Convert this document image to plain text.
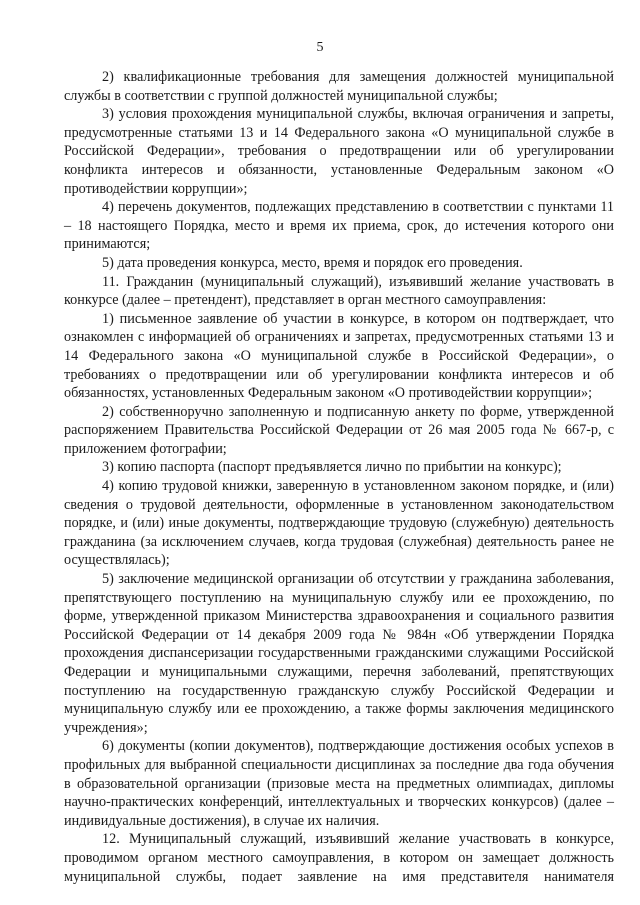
5

2) квалификационные требования для замещения должностей муниципальной службы в соответствии с группой должностей муниципальной службы;

3) условия прохождения муниципальной службы, включая ограничения и запреты, предусмотренные статьями 13 и 14 Федерального закона «О муниципальной службе в Российской Федерации», требования о предотвращении или об урегулировании конфликта интересов и обязанности, установленные Федеральным законом «О противодействии коррупции»;

4) перечень документов, подлежащих представлению в соответствии с пунктами 11 – 18 настоящего Порядка, место и время их приема, срок, до истечения которого они принимаются;

5) дата проведения конкурса, место, время и порядок его проведения.

11. Гражданин (муниципальный служащий), изъявивший желание участвовать в конкурсе (далее – претендент), представляет в орган местного самоуправления:

1) письменное заявление об участии в конкурсе, в котором он подтверждает, что ознакомлен с информацией об ограничениях и запретах, предусмотренных статьями 13 и 14 Федерального закона «О муниципальной службе в Российской Федерации», о требованиях о предотвращении или об урегулировании конфликта интересов и об обязанностях, установленных Федеральным законом «О противодействии коррупции»;

2) собственноручно заполненную и подписанную анкету по форме, утвержденной распоряжением Правительства Российской Федерации от 26 мая 2005 года № 667-р, с приложением фотографии;

3) копию паспорта (паспорт предъявляется лично по прибытии на конкурс);

4) копию трудовой книжки, заверенную в установленном законом порядке, и (или) сведения о трудовой деятельности, оформленные в установленном законодательством порядке, и (или) иные документы, подтверждающие трудовую (служебную) деятельность гражданина (за исключением случаев, когда трудовая (служебная) деятельность ранее не осуществлялась);

5) заключение медицинской организации об отсутствии у гражданина заболевания, препятствующего поступлению на муниципальную службу или ее прохождению, по форме, утвержденной приказом Министерства здравоохранения и социального развития Российской Федерации от 14 декабря 2009 года № 984н «Об утверждении Порядка прохождения диспансеризации государственными гражданскими служащими Российской Федерации и муниципальными служащими, перечня заболеваний, препятствующих поступлению на государственную гражданскую службу Российской Федерации и муниципальную службу или ее прохождению, а также формы заключения медицинского учреждения»;

6) документы (копии документов), подтверждающие достижения особых успехов в профильных для выбранной специальности дисциплинах за последние два года обучения в образовательной организации (призовые места на предметных олимпиадах, дипломы научно-практических конференций, интеллектуальных и творческих конкурсов) (далее – индивидуальные достижения), в случае их наличия.

12. Муниципальный служащий, изъявивший желание участвовать в конкурсе, проводимом органом местного самоуправления, в котором он замещает должность муниципальной службы, подает заявление на имя представителя нанимателя
